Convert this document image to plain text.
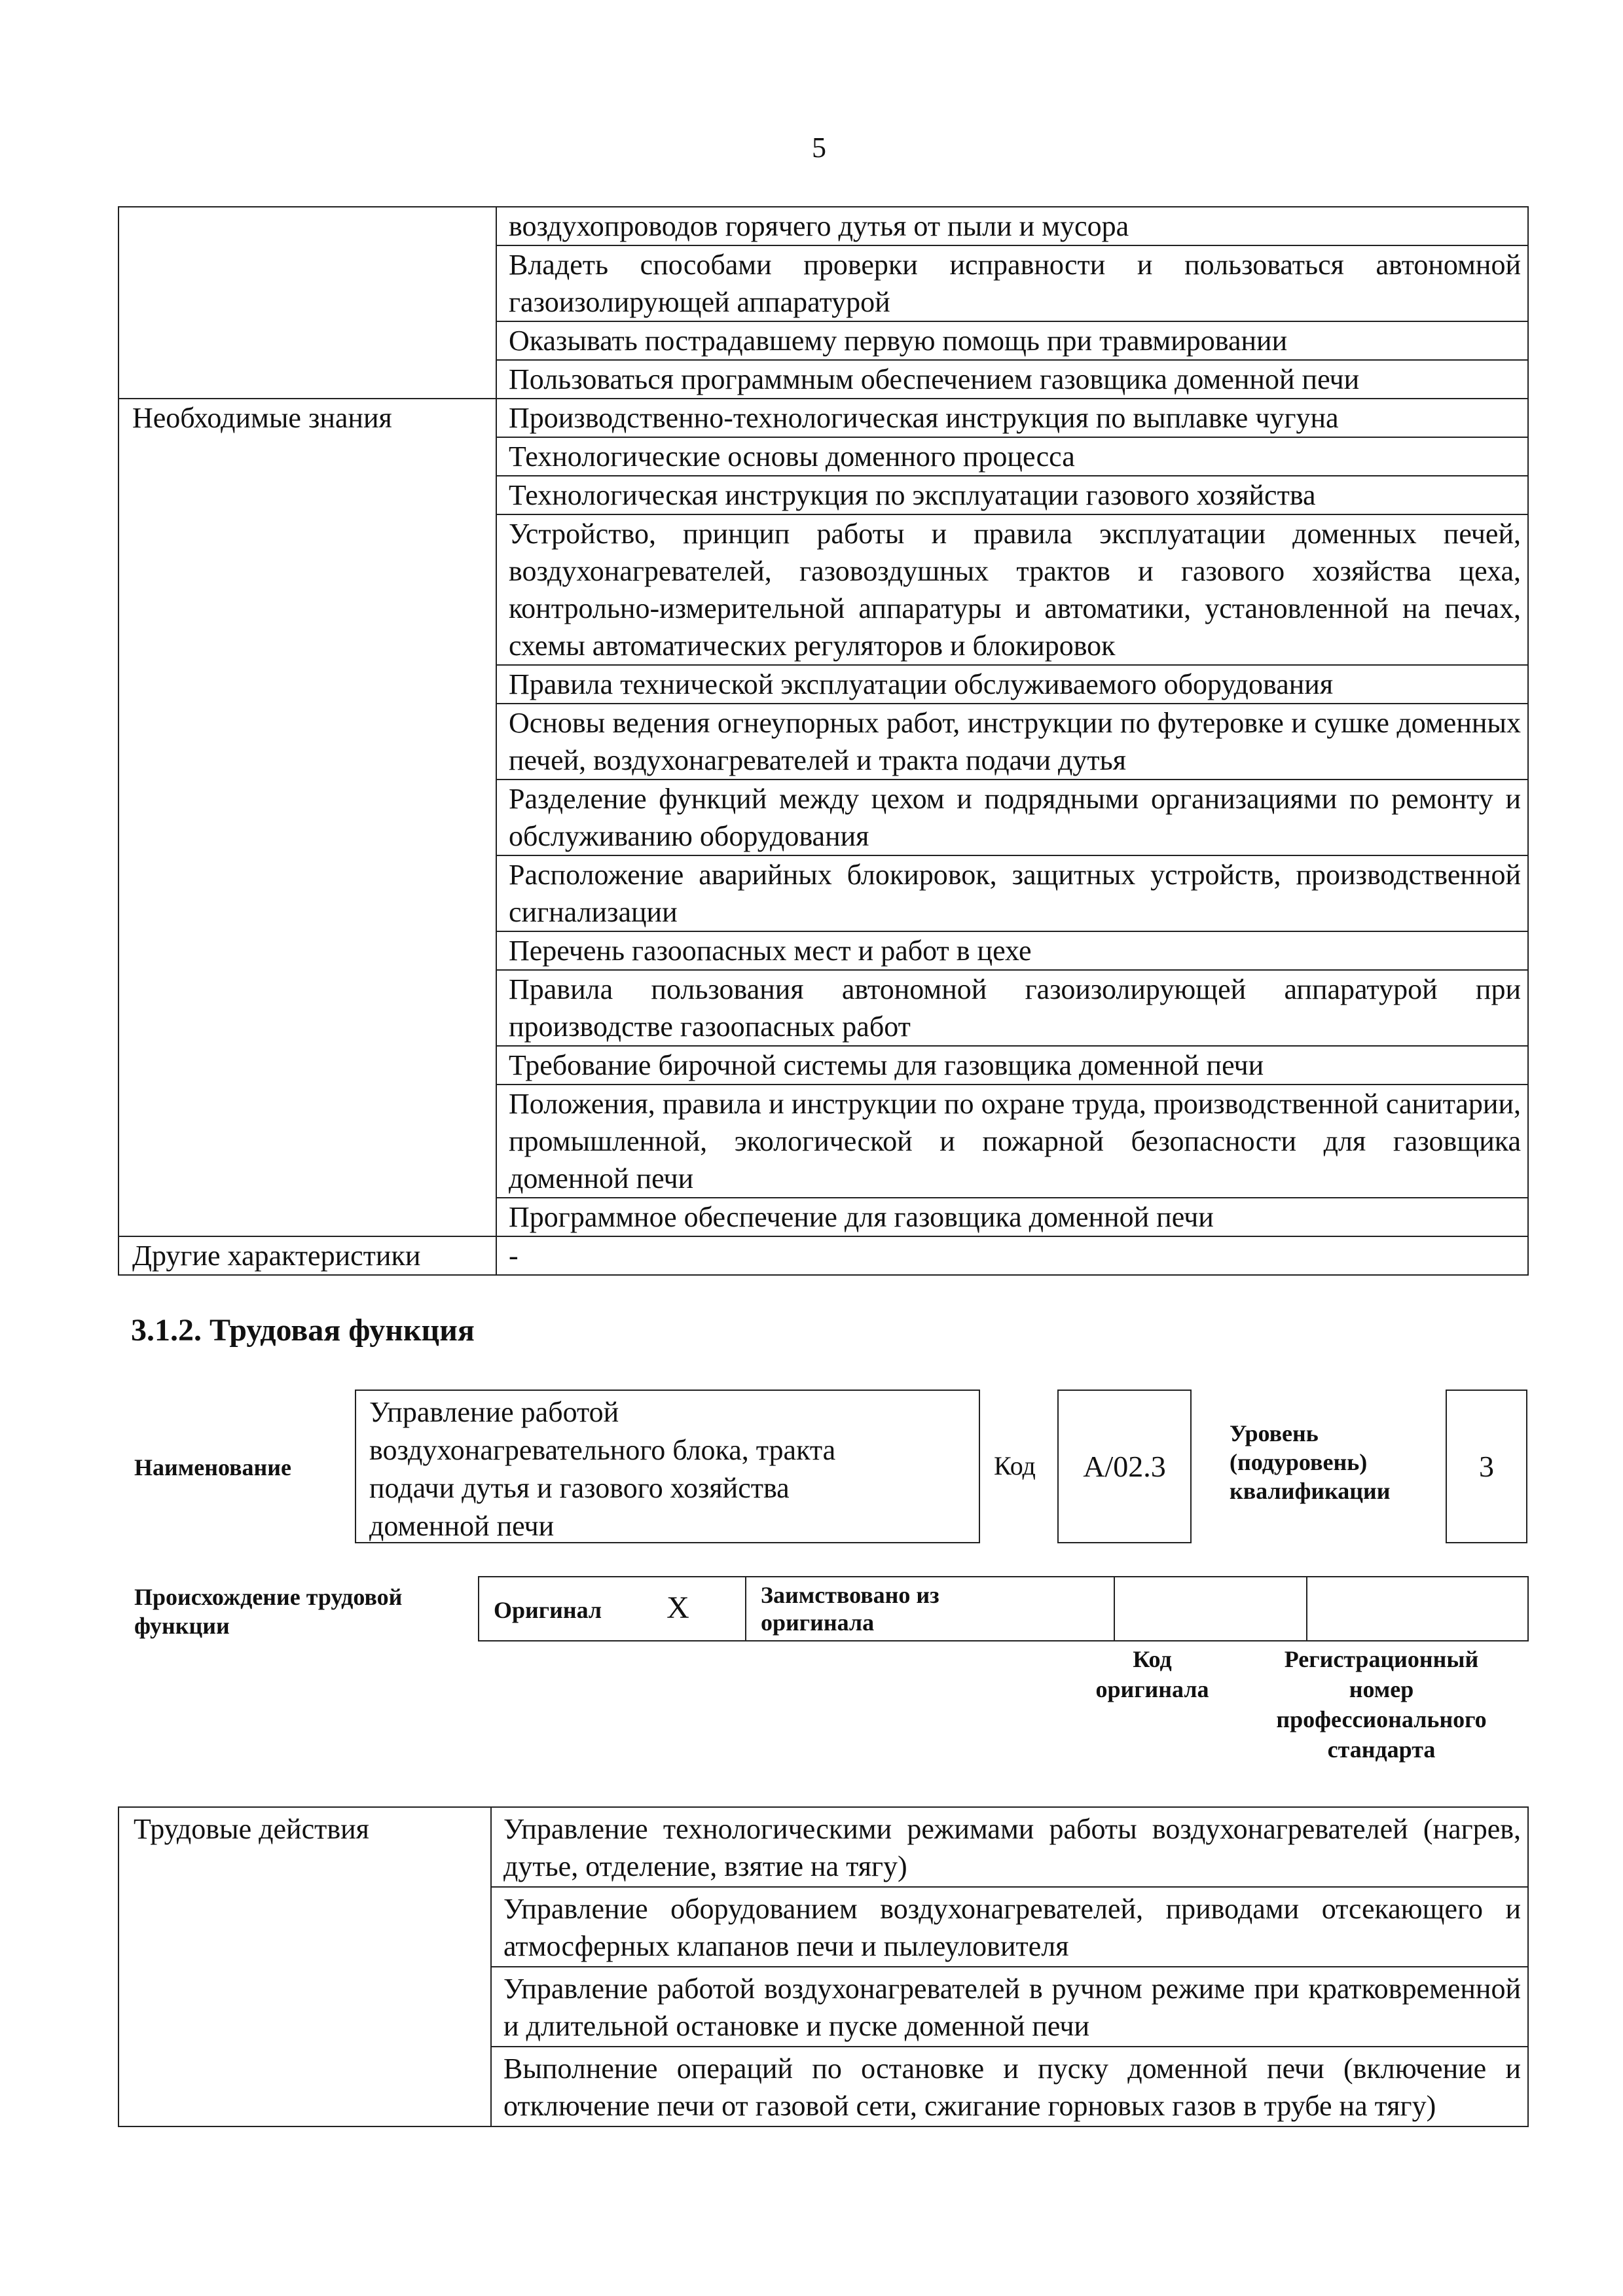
5
	воздухопроводов горячего дутья от пыли и мусора
	Владеть способами проверки исправности и пользоваться автономной газоизолирующей аппаратурой
	Оказывать пострадавшему первую помощь при травмировании
	Пользоваться программным обеспечением газовщика доменной печи
Необходимые знания	Производственно-технологическая инструкция по выплавке чугуна
	Технологические основы доменного процесса
	Технологическая инструкция по эксплуатации газового хозяйства
	Устройство, принцип работы и правила эксплуатации доменных печей, воздухонагревателей, газовоздушных трактов и газового хозяйства цеха, контрольно-измерительной аппаратуры и автоматики, установленной на печах, схемы автоматических регуляторов и блокировок
	Правила технической эксплуатации обслуживаемого оборудования
	Основы ведения огнеупорных работ, инструкции по футеровке и сушке доменных печей, воздухонагревателей и тракта подачи дутья
	Разделение функций между цехом и подрядными организациями по ремонту и обслуживанию оборудования
	Расположение аварийных блокировок, защитных устройств, производственной сигнализации
	Перечень газоопасных мест и работ в цехе
	Правила пользования автономной газоизолирующей аппаратурой при производстве газоопасных работ
	Требование бирочной системы для газовщика доменной печи
	Положения, правила и инструкции по охране труда, производственной санитарии, промышленной, экологической и пожарной безопасности для газовщика доменной печи
	Программное обеспечение для газовщика доменной печи
Другие характеристики	-
3.1.2. Трудовая функция
Наименование
Управление работой
воздухонагревательного блока, тракта
подачи дутья и газового хозяйства
доменной печи
Код А/02.3
Уровень
(подуровень)
квалификации
3
Происхождение трудовой
функции
Оригинал Х	Заимствовано из
оригинала

Код
оригинала
Регистрационный
номер
профессионального
стандарта
Трудовые действия	Управление технологическими режимами работы воздухонагревателей (нагрев, дутье, отделение, взятие на тягу)
Управление оборудованием воздухонагревателей, приводами отсекающего и атмосферных клапанов печи и пылеуловителя
Управление работой воздухонагревателей в ручном режиме при кратковременной и длительной остановке и пуске доменной печи
Выполнение операций по остановке и пуску доменной печи (включение и отключение печи от газовой сети, сжигание горновых газов в трубе на тягу)
